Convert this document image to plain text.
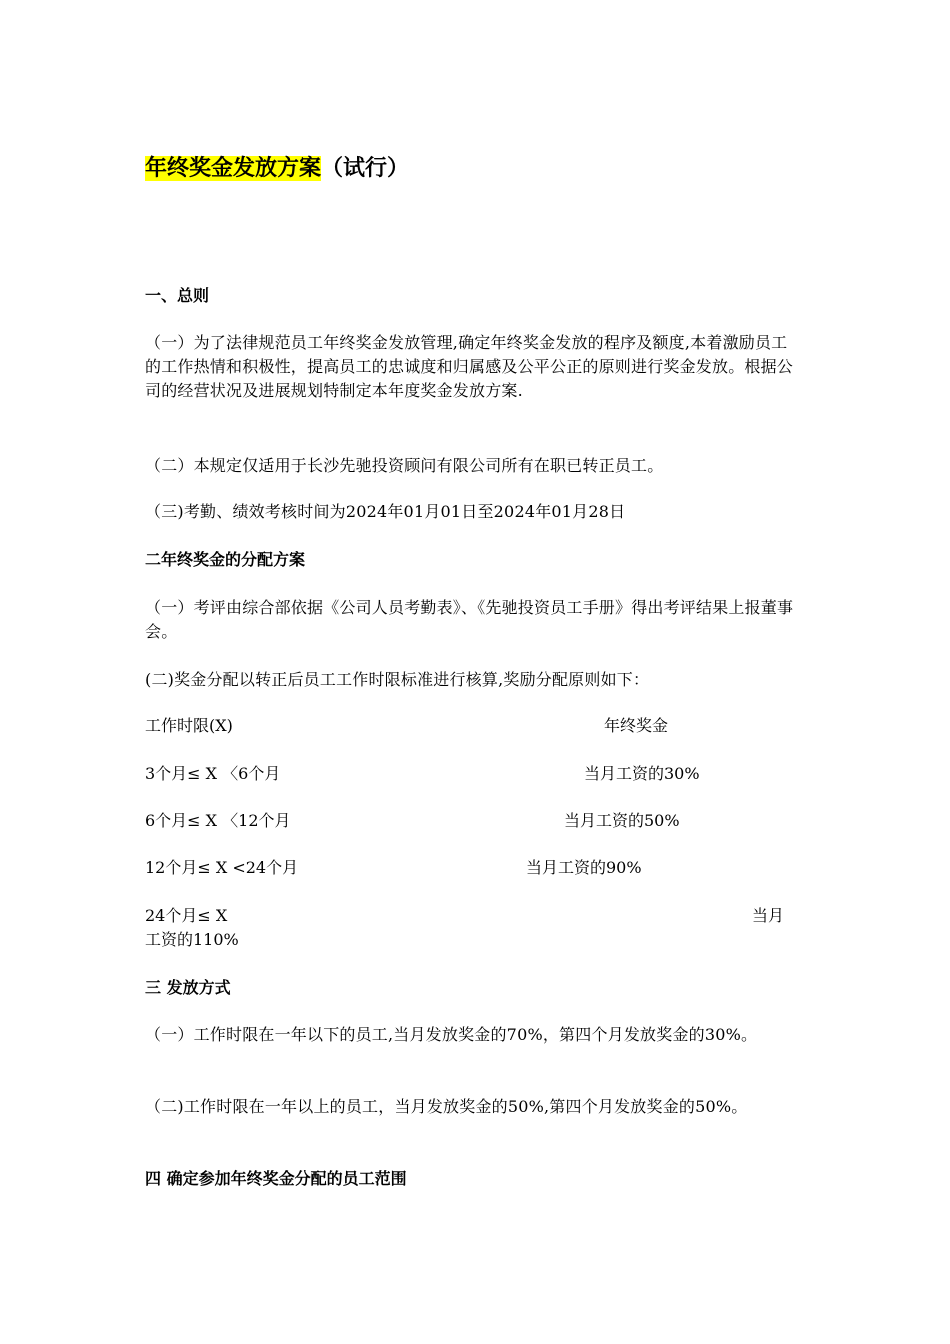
年终奖金发放方案（试行）
一、总则
（一）为了法律规范员工年终奖金发放管理,确定年终奖金发放的程序及额度,本着激励员工的工作热情和积极性，提高员工的忠诚度和归属感及公平公正的原则进行奖金发放。根据公司的经营状况及进展规划特制定本年度奖金发放方案.
（二）本规定仅适用于长沙先驰投资顾问有限公司所有在职已转正员工。
（三)考勤、绩效考核时间为2024年01月01日至2024年01月28日
二年终奖金的分配方案
（一）考评由综合部依据《公司人员考勤表》、《先驰投资员工手册》得出考评结果上报董事会。
(二)奖金分配以转正后员工工作时限标准进行核算,奖励分配原则如下：
工作时限(X)	年终奖金
3个月≤ X 〈6个月	当月工资的30%
6个月≤ X 〈12个月	当月工资的50%
12个月≤ X <24个月	当月工资的90%
24个月≤ X	当月
工资的110%
三 发放方式
（一）工作时限在一年以下的员工,当月发放奖金的70%，第四个月发放奖金的30%。
（二)工作时限在一年以上的员工，当月发放奖金的50%,第四个月发放奖金的50%。
四 确定参加年终奖金分配的员工范围
